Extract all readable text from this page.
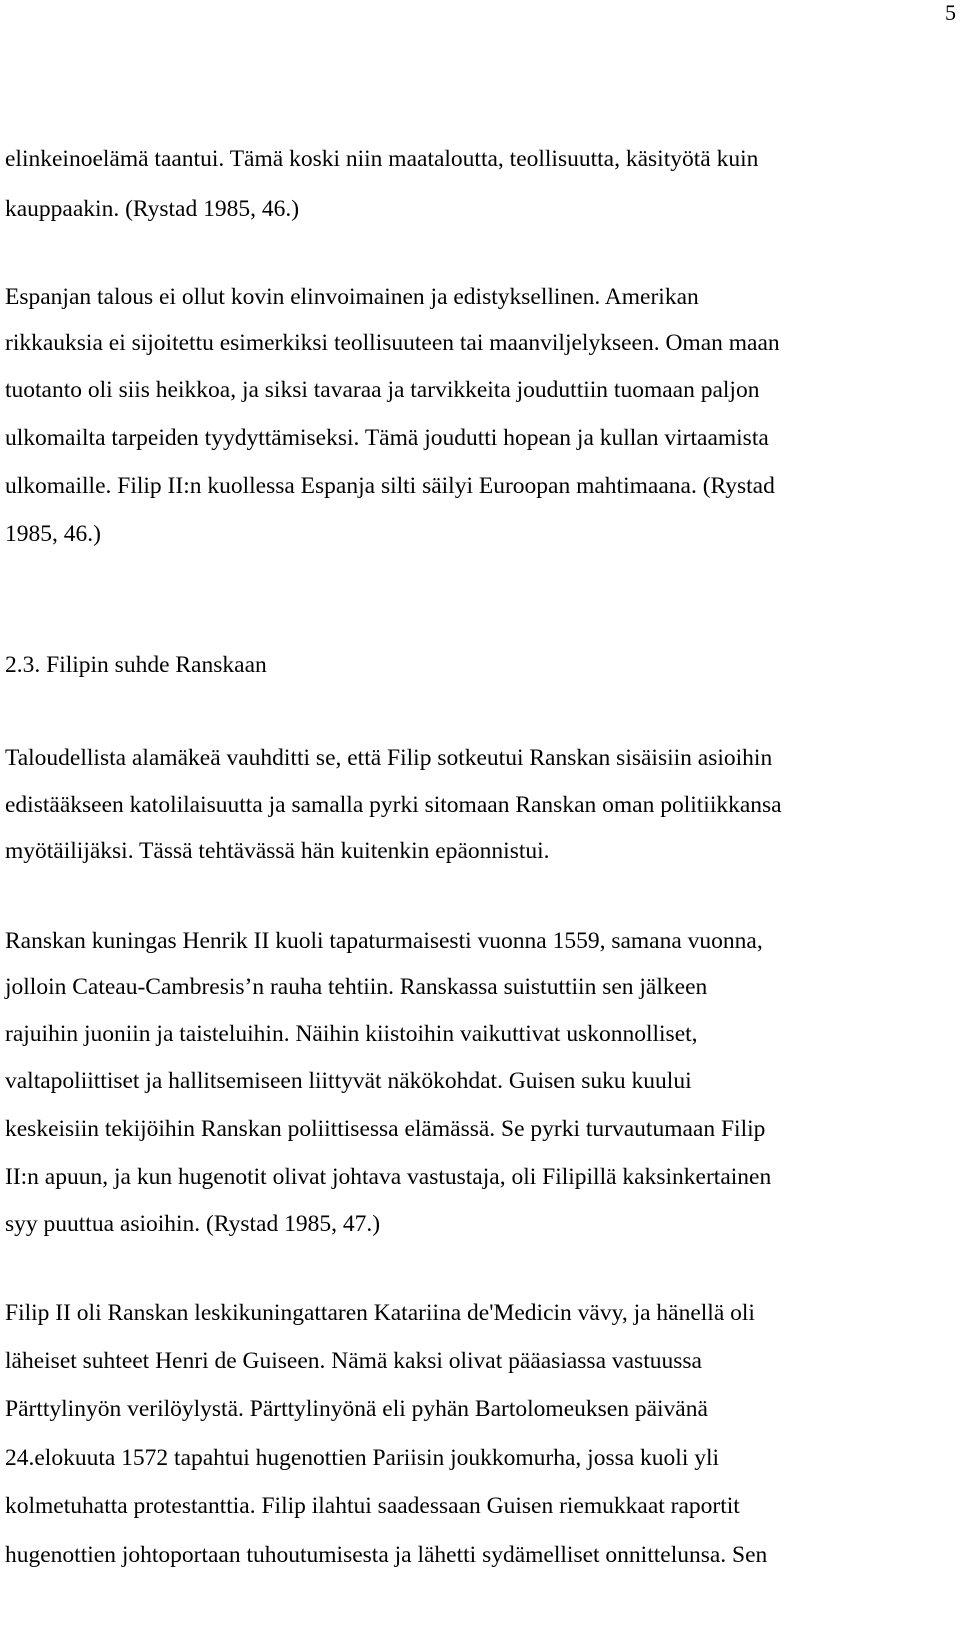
5
elinkeinoelämä taantui. Tämä koski niin maataloutta, teollisuutta, käsityötä kuin
kauppaakin. (Rystad 1985, 46.)
Espanjan talous ei ollut kovin elinvoimainen ja edistyksellinen. Amerikan
rikkauksia ei sijoitettu esimerkiksi teollisuuteen tai maanviljelykseen. Oman maan
tuotanto oli siis heikkoa, ja siksi tavaraa ja tarvikkeita jouduttiin tuomaan paljon
ulkomailta tarpeiden tyydyttämiseksi. Tämä joudutti hopean ja kullan virtaamista
ulkomaille. Filip II:n kuollessa Espanja silti säilyi Euroopan mahtimaana. (Rystad
1985, 46.)
2.3. Filipin suhde Ranskaan
Taloudellista alamäkeä vauhditti se, että Filip sotkeutui Ranskan sisäisiin asioihin
edistääkseen katolilaisuutta ja samalla pyrki sitomaan Ranskan oman politiikkansa
myötäilijäksi. Tässä tehtävässä hän kuitenkin epäonnistui.
Ranskan kuningas Henrik II kuoli tapaturmaisesti vuonna 1559, samana vuonna,
jolloin Cateau-Cambresis’n rauha tehtiin. Ranskassa suistuttiin sen jälkeen
rajuihin juoniin ja taisteluihin. Näihin kiistoihin vaikuttivat uskonnolliset,
valtapoliittiset ja hallitsemiseen liittyvät näkökohdat. Guisen suku kuului
keskeisiin tekijöihin Ranskan poliittisessa elämässä. Se pyrki turvautumaan Filip
II:n apuun, ja kun hugenotit olivat johtava vastustaja, oli Filipillä kaksinkertainen
syy puuttua asioihin. (Rystad 1985, 47.)
Filip II oli Ranskan leskikuningattaren Katariina de'Medicin vävy, ja hänellä oli
läheiset suhteet Henri de Guiseen. Nämä kaksi olivat pääasiassa vastuussa
Pärttylinyön verilöylystä. Pärttylinyönä eli pyhän Bartolomeuksen päivänä
24.elokuuta 1572 tapahtui hugenottien Pariisin joukkomurha, jossa kuoli yli
kolmetuhatta protestanttia. Filip ilahtui saadessaan Guisen riemukkaat raportit
hugenottien johtoportaan tuhoutumisesta ja lähetti sydämelliset onnittelunsa. Sen
